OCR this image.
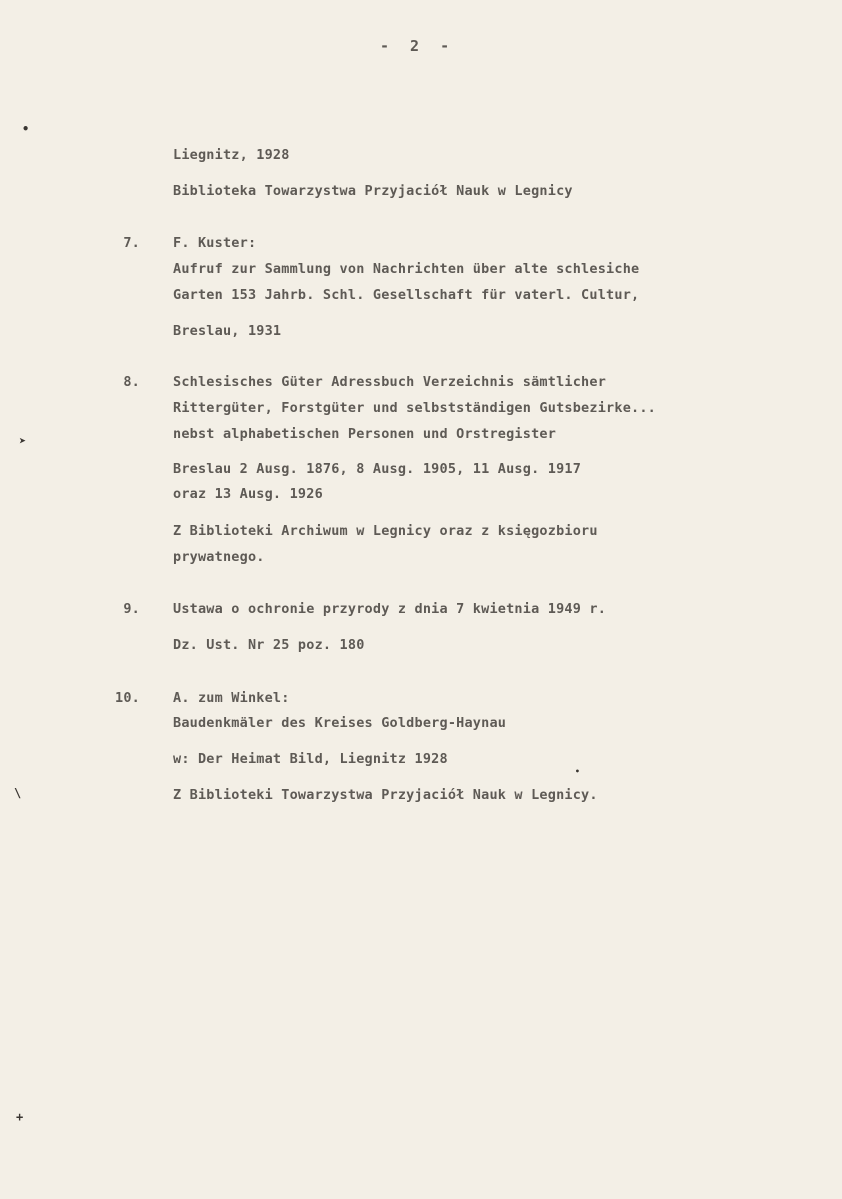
- 2 -
•
➤
\
+
•
Liegnitz, 1928
Biblioteka Towarzystwa Przyjaciół Nauk w Legnicy
7. F. Kuster:
Aufruf zur Sammlung von Nachrichten über alte schlesiche
Garten 153 Jahrb. Schl. Gesellschaft für vaterl. Cultur,
Breslau, 1931
8. Schlesisches Güter Adressbuch Verzeichnis sämtlicher
Rittergüter, Forstgüter und selbstständigen Gutsbezirke...
nebst alphabetischen Personen und Orstregister
Breslau 2 Ausg. 1876, 8 Ausg. 1905, 11 Ausg. 1917
oraz 13 Ausg. 1926
Z Biblioteki Archiwum w Legnicy oraz z księgozbioru
prywatnego.
9. Ustawa o ochronie przyrody z dnia 7 kwietnia 1949 r.
Dz. Ust. Nr 25 poz. 180
10. A. zum Winkel:
Baudenkmäler des Kreises Goldberg-Haynau
w: Der Heimat Bild, Liegnitz 1928
Z Biblioteki Towarzystwa Przyjaciół Nauk w Legnicy.
